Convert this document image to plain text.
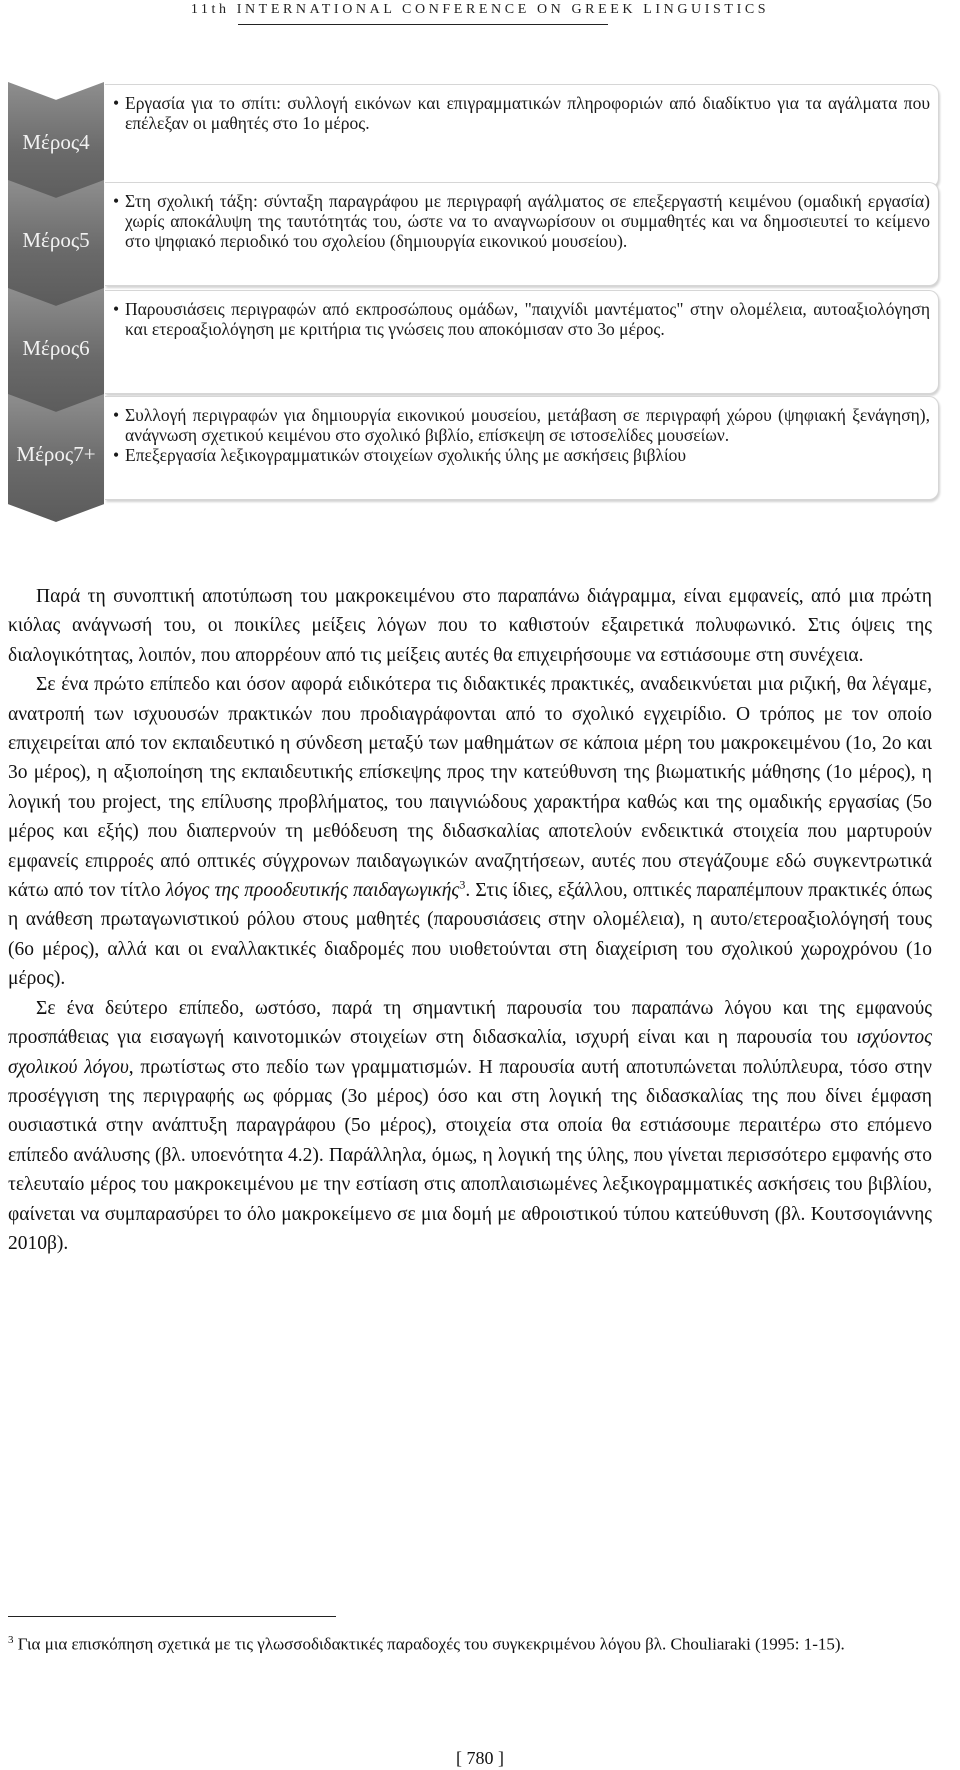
11th INTERNATIONAL CONFERENCE ON GREEK LINGUISTICS
Μέρος4
• Εργασία για το σπίτι: συλλογή εικόνων και επιγραμματικών πληροφοριών από διαδίκτυο για τα αγάλματα που επέλεξαν οι μαθητές στο 1ο μέρος.
Μέρος5
• Στη σχολική τάξη: σύνταξη παραγράφου με περιγραφή αγάλματος σε επεξεργαστή κειμένου (ομαδική εργασία) χωρίς αποκάλυψη της ταυτότητάς του, ώστε να το αναγνωρίσουν οι συμμαθητές και να δημοσιευτεί το κείμενο στο ψηφιακό περιοδικό του σχολείου (δημιουργία εικονικού μουσείου).
Μέρος6
• Παρουσιάσεις περιγραφών από εκπροσώπους ομάδων, "παιχνίδι μαντέματος" στην ολομέλεια, αυτοαξιολόγηση και ετεροαξιολόγηση με κριτήρια τις γνώσεις που αποκόμισαν στο 3ο μέρος.
Μέρος7+
• Συλλογή περιγραφών για δημιουργία εικονικού μουσείου, μετάβαση σε περιγραφή χώρου (ψηφιακή ξενάγηση), ανάγνωση σχετικού κειμένου στο σχολικό βιβλίο, επίσκεψη σε ιστοσελίδες μουσείων.
• Επεξεργασία λεξικογραμματικών στοιχείων σχολικής ύλης με ασκήσεις βιβλίου

Παρά τη συνοπτική αποτύπωση του μακροκειμένου στο παραπάνω διάγραμμα, είναι εμφανείς, από μια πρώτη κιόλας ανάγνωσή του, οι ποικίλες μείξεις λόγων που το καθιστούν εξαιρετικά πολυφωνικό. Στις όψεις της διαλογικότητας, λοιπόν, που απορρέουν από τις μείξεις αυτές θα επιχειρήσουμε να εστιάσουμε στη συνέχεια.

Σε ένα πρώτο επίπεδο και όσον αφορά ειδικότερα τις διδακτικές πρακτικές, αναδεικνύεται μια ριζική, θα λέγαμε, ανατροπή των ισχυουσών πρακτικών που προδιαγράφονται από το σχολικό εγχειρίδιο. Ο τρόπος με τον οποίο επιχειρείται από τον εκπαιδευτικό η σύνδεση μεταξύ των μαθημάτων σε κάποια μέρη του μακροκειμένου (1ο, 2ο και 3ο μέρος), η αξιοποίηση της εκπαιδευτικής επίσκεψης προς την κατεύθυνση της βιωματικής μάθησης (1ο μέρος), η λογική του project, της επίλυσης προβλήματος, του παιγνιώδους χαρακτήρα καθώς και της ομαδικής εργασίας (5ο μέρος και εξής) που διαπερνούν τη μεθόδευση της διδασκαλίας αποτελούν ενδεικτικά στοιχεία που μαρτυρούν εμφανείς επιρροές από οπτικές σύγχρονων παιδαγωγικών αναζητήσεων, αυτές που στεγάζουμε εδώ συγκεντρωτικά κάτω από τον τίτλο λόγος της προοδευτικής παιδαγωγικής$^3$. Στις ίδιες, εξάλλου, οπτικές παραπέμπουν πρακτικές όπως η ανάθεση πρωταγωνιστικού ρόλου στους μαθητές (παρουσιάσεις στην ολομέλεια), η αυτο/ετεροαξιολόγησή τους (6ο μέρος), αλλά και οι εναλλακτικές διαδρομές που υιοθετούνται στη διαχείριση του σχολικού χωροχρόνου (1ο μέρος).

Σε ένα δεύτερο επίπεδο, ωστόσο, παρά τη σημαντική παρουσία του παραπάνω λόγου και της εμφανούς προσπάθειας για εισαγωγή καινοτομικών στοιχείων στη διδασκαλία, ισχυρή είναι και η παρουσία του ισχύοντος σχολικού λόγου, πρωτίστως στο πεδίο των γραμματισμών. Η παρουσία αυτή αποτυπώνεται πολύπλευρα, τόσο στην προσέγγιση της περιγραφής ως φόρμας (3ο μέρος) όσο και στη λογική της διδασκαλίας της που δίνει έμφαση ουσιαστικά στην ανάπτυξη παραγράφου (5ο μέρος), στοιχεία στα οποία θα εστιάσουμε περαιτέρω στο επόμενο επίπεδο ανάλυσης (βλ. υποενότητα 4.2). Παράλληλα, όμως, η λογική της ύλης, που γίνεται περισσότερο εμφανής στο τελευταίο μέρος του μακροκειμένου με την εστίαση στις αποπλαισιωμένες λεξικογραμματικές ασκήσεις του βιβλίου, φαίνεται να συμπαρασύρει το όλο μακροκείμενο σε μια δομή με αθροιστικού τύπου κατεύθυνση (βλ. Κουτσογιάννης 2010β).

$^3$ Για μια επισκόπηση σχετικά με τις γλωσσοδιδακτικές παραδοχές του συγκεκριμένου λόγου βλ. Chouliaraki (1995: 1-15).

[ 780 ]
